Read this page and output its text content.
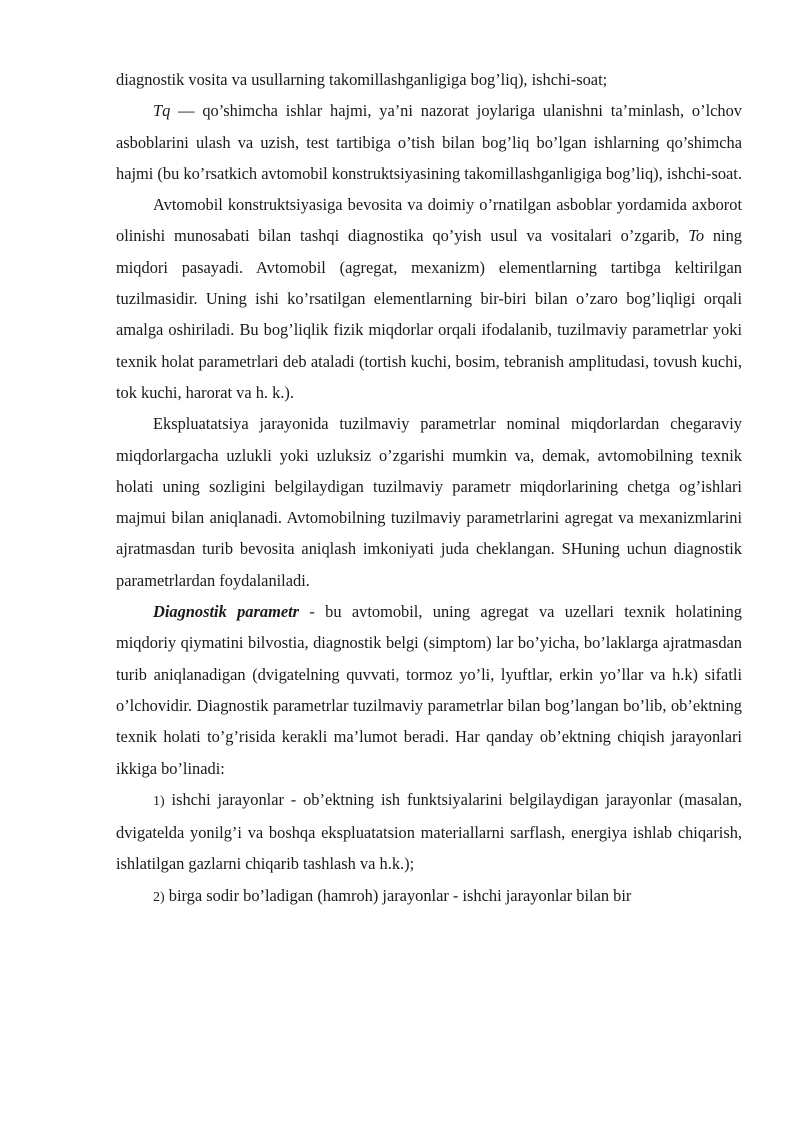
diagnostik vosita va usullarning takomillashganligiga bog’liq), ishchi-soat;

Tq — qo’shimcha ishlar hajmi, ya’ni nazorat joylariga ulanishni ta’minlash, o’lchov asboblarini ulash va uzish, test tartibiga o’tish bilan bog’liq bo’lgan ishlarning qo’shimcha hajmi (bu ko’rsatkich avtomobil konstruktsiyasining takomillashganligiga bog’liq), ishchi-soat.

Avtomobil konstruktsiyasiga bevosita va doimiy o’rnatilgan asboblar yordamida axborot olinishi munosabati bilan tashqi diagnostika qo’yish usul va vositalari o’zgarib, To ning miqdori pasayadi. Avtomobil (agregat, mexanizm) elementlarning tartibga keltirilgan tuzilmasidir. Uning ishi ko’rsatilgan elementlarning bir-biri bilan o’zaro bog’liqligi orqali amalga oshiriladi. Bu bog’liqlik fizik miqdorlar orqali ifodalanib, tuzilmaviy parametrlar yoki texnik holat parametrlari deb ataladi (tortish kuchi, bosim, tebranish amplitudasi, tovush kuchi, tok kuchi, harorat va h. k.).

Ekspluatatsiya jarayonida tuzilmaviy parametrlar nominal miqdorlardan chegaraviy miqdorlargacha uzlukli yoki uzluksiz o’zgarishi mumkin va, demak, avtomobilning texnik holati uning sozligini belgilaydigan tuzilmaviy parametr miqdorlarining chetga og’ishlari majmui bilan aniqlanadi. Avtomobilning tuzilmaviy parametrlarini agregat va mexanizmlarini ajratmasdan turib bevosita aniqlash imkoniyati juda cheklangan. SHuning uchun diagnostik parametrlardan foydalaniladi.

Diagnostik parametr - bu avtomobil, uning agregat va uzellari texnik holatining miqdoriy qiymatini bilvostia, diagnostik belgi (simptom) lar bo’yicha, bo’laklarga ajratmasdan turib aniqlanadigan (dvigatelning quvvati, tormoz yo’li, lyuftlar, erkin yo’llar va h.k) sifatli o’lchovidir. Diagnostik parametrlar tuzilmaviy parametrlar bilan bog’langan bo’lib, ob’ektning texnik holati to’g’risida kerakli ma’lumot beradi. Har qanday ob’ektning chiqish jarayonlari ikkiga bo’linadi:

1) ishchi jarayonlar - ob’ektning ish funktsiyalarini belgilaydigan jarayonlar (masalan, dvigatelda yonilg’i va boshqa ekspluatatsion materiallarni sarflash, energiya ishlab chiqarish, ishlatilgan gazlarni chiqarib tashlash va h.k.);

2) birga sodir bo’ladigan (hamroh) jarayonlar - ishchi jarayonlar bilan bir
